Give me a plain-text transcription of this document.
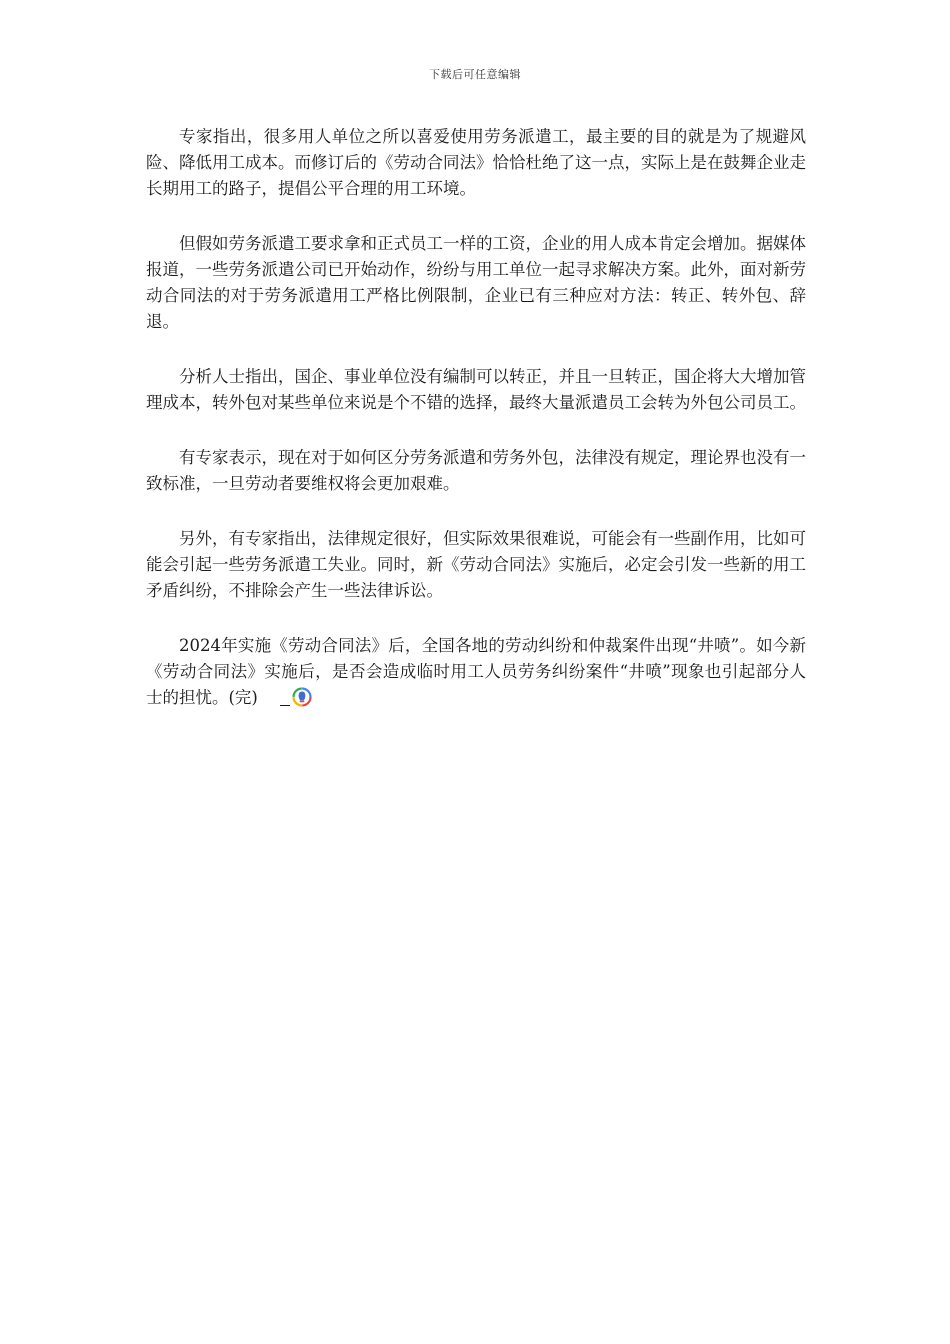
下载后可任意编辑

专家指出，很多用人单位之所以喜爱使用劳务派遣工，最主要的目的就是为了规避风险、降低用工成本。而修订后的《劳动合同法》恰恰杜绝了这一点，实际上是在鼓舞企业走长期用工的路子，提倡公平合理的用工环境。

但假如劳务派遣工要求拿和正式员工一样的工资，企业的用人成本肯定会增加。据媒体报道，一些劳务派遣公司已开始动作，纷纷与用工单位一起寻求解决方案。此外，面对新劳动合同法的对于劳务派遣用工严格比例限制，企业已有三种应对方法：转正、转外包、辞退。

分析人士指出，国企、事业单位没有编制可以转正，并且一旦转正，国企将大大增加管理成本，转外包对某些单位来说是个不错的选择，最终大量派遣员工会转为外包公司员工。

有专家表示，现在对于如何区分劳务派遣和劳务外包，法律没有规定，理论界也没有一致标准，一旦劳动者要维权将会更加艰难。

另外，有专家指出，法律规定很好，但实际效果很难说，可能会有一些副作用，比如可能会引起一些劳务派遣工失业。同时，新《劳动合同法》实施后，必定会引发一些新的用工矛盾纠纷，不排除会产生一些法律诉讼。

2024年实施《劳动合同法》后，全国各地的劳动纠纷和仲裁案件出现“井喷”。如今新《劳动合同法》实施后，是否会造成临时用工人员劳务纠纷案件“井喷”现象也引起部分人士的担忧。(完)
